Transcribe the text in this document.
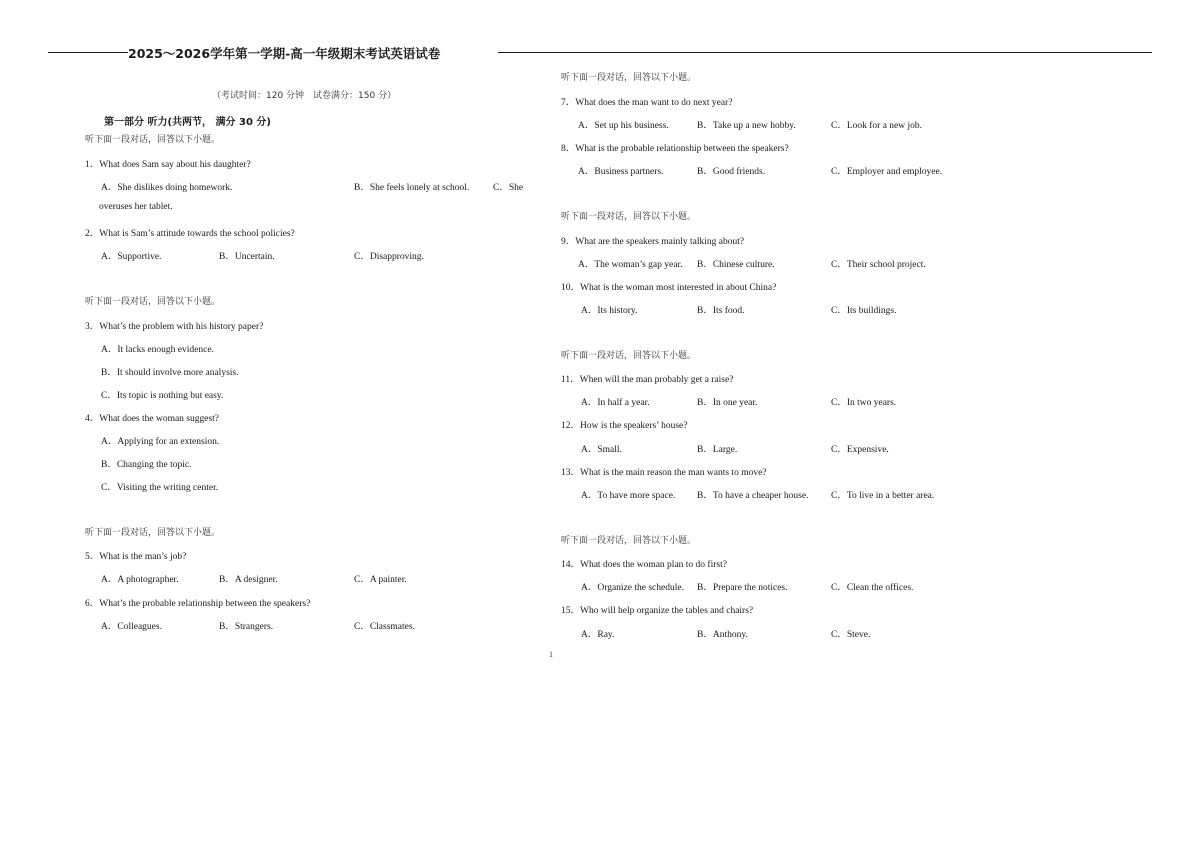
2025～2026学年第一学期-高一年级期末考试英语试卷
（考试时间：120 分钟　试卷满分：150 分）
第一部分 听力(共两节， 满分 30 分)
听下面一段对话，回答以下小题。
1．What does Sam say about his daughter?
A．She dislikes doing homework.	B．She feels lonely at school. C．She
overuses her tablet.
2．What is Sam’s attitude towards the school policies?
A．Supportive.	B．Uncertain.	C．Disapproving.
听下面一段对话，回答以下小题。
3．What’s the problem with his history paper?
A．It lacks enough evidence.
B．It should involve more analysis.
C．Its topic is nothing but easy.
4．What does the woman suggest?
A．Applying for an extension.
B．Changing the topic.
C．Visiting the writing center.
听下面一段对话，回答以下小题。
5．What is the man’s job?
A．A photographer.	B．A designer.	C．A painter.
6．What’s the probable relationship between the speakers?
A．Colleagues.	B．Strangers.	C．Classmates.
听下面一段对话，回答以下小题。
7．What does the man want to do next year?
A．Set up his business.	B．Take up a new hobby.	C．Look for a new job.
8．What is the probable relationship between the speakers?
A．Business partners.	B．Good friends.	C．Employer and employee.
听下面一段对话，回答以下小题。
9．What are the speakers mainly talking about?
A．The woman’s gap year. B．Chinese culture.	C．Their school project.
10．What is the woman most interested in about China?
A．Its history.	B．Its food.	C．Its buildings.
听下面一段对话，回答以下小题。
11．When will the man probably get a raise?
A．In half a year.	B．In one year.	C．In two years.
12．How is the speakers’ house?
A．Small.	B．Large.	C．Expensive.
13．What is the main reason the man wants to move?
A．To have more space. B．To have a cheaper house. C．To live in a better area.
听下面一段对话，回答以下小题。
14．What does the woman plan to do first?
A．Organize the schedule. B．Prepare the notices.	C．Clean the offices.
15．Who will help organize the tables and chairs?
A．Ray.	B．Anthony.	C．Steve.
1
